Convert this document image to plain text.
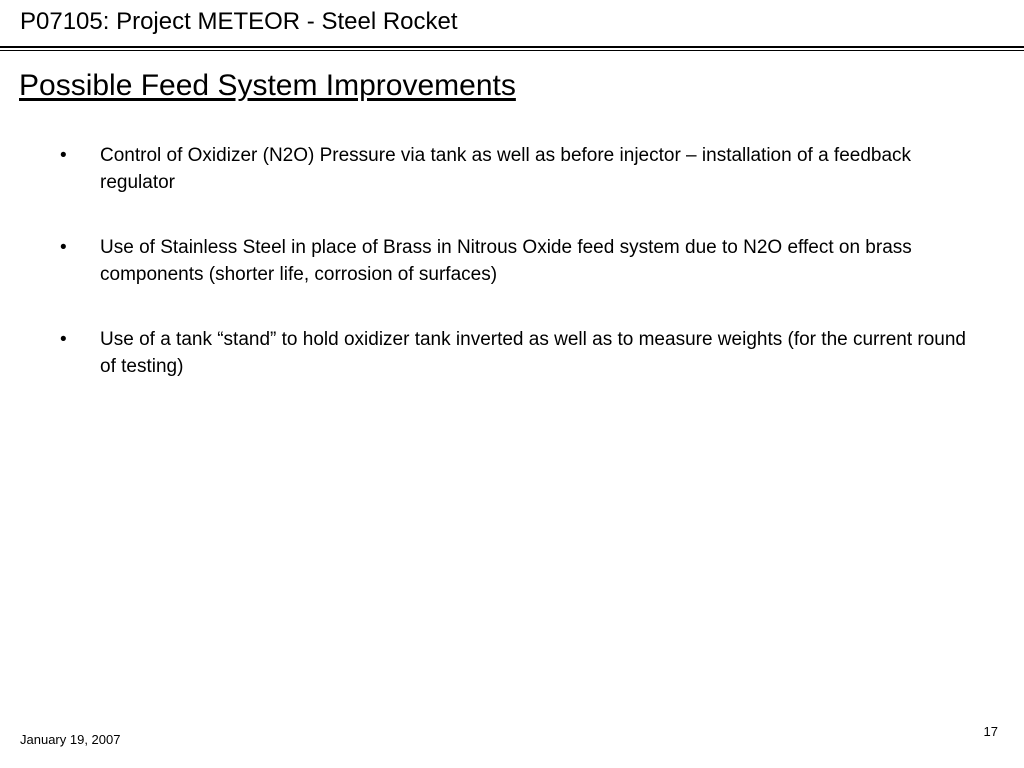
P07105: Project METEOR - Steel Rocket
Possible Feed System Improvements
•	Control of Oxidizer (N2O) Pressure via tank as well as before injector – installation of a feedback regulator
•	Use of Stainless Steel in place of Brass in Nitrous Oxide feed system due to N2O effect on brass components (shorter life, corrosion of surfaces)
•	Use of a tank “stand” to hold oxidizer tank inverted as well as to measure weights (for the current round of testing)
January 19, 2007
17
